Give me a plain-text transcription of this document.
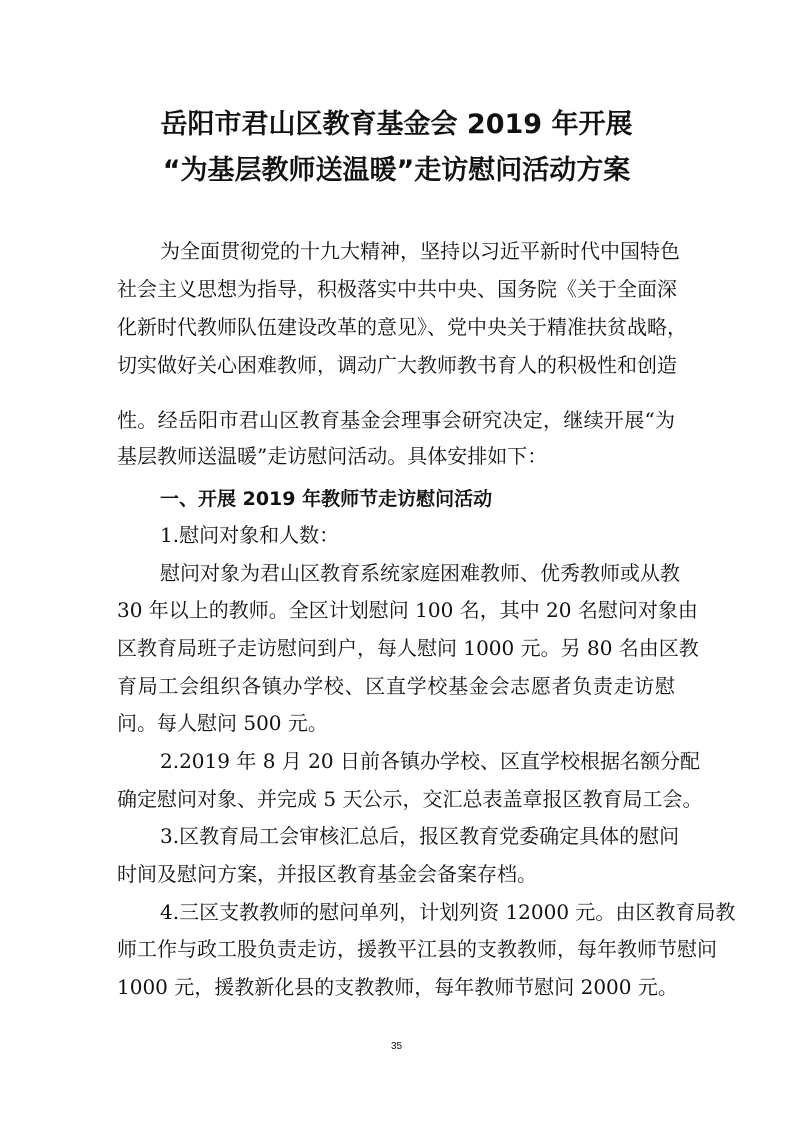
岳阳市君山区教育基金会 2019 年开展
“为基层教师送温暖”走访慰问活动方案

为全面贯彻党的十九大精神，坚持以习近平新时代中国特色

社会主义思想为指导，积极落实中共中央、国务院《关于全面深

化新时代教师队伍建设改革的意见》、党中央关于精准扶贫战略，

切实做好关心困难教师，调动广大教师教书育人的积极性和创造

性。经岳阳市君山区教育基金会理事会研究决定，继续开展“为

基层教师送温暖”走访慰问活动。具体安排如下：

一、开展 2019 年教师节走访慰问活动

1.慰问对象和人数：

慰问对象为君山区教育系统家庭困难教师、优秀教师或从教

30 年以上的教师。全区计划慰问 100 名，其中 20 名慰问对象由

区教育局班子走访慰问到户，每人慰问 1000 元。另 80 名由区教

育局工会组织各镇办学校、区直学校基金会志愿者负责走访慰

问。每人慰问 500 元。

2.2019 年 8 月 20 日前各镇办学校、区直学校根据名额分配

确定慰问对象、并完成 5 天公示，交汇总表盖章报区教育局工会。

3.区教育局工会审核汇总后，报区教育党委确定具体的慰问

时间及慰问方案，并报区教育基金会备案存档。

4.三区支教教师的慰问单列，计划列资 12000 元。由区教育局教

师工作与政工股负责走访，援教平江县的支教教师，每年教师节慰问

1000 元，援教新化县的支教教师，每年教师节慰问 2000 元。

35
